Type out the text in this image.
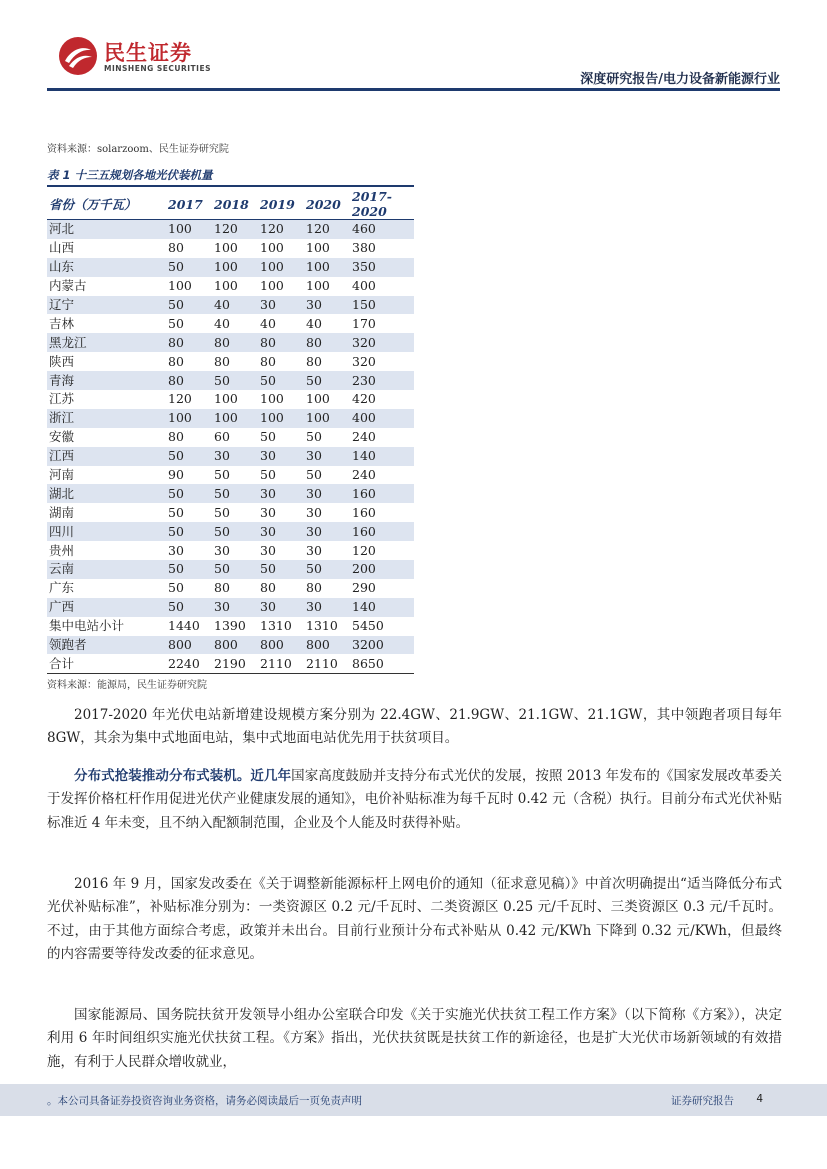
民生证券
MINSHENG SECURITIES
深度研究报告/电力设备新能源行业
资料来源：solarzoom、民生证券研究院
表 1 十三五规划各地光伏装机量
省份（万千瓦）	2017	2018	2019	2020	2017-2020
河北	100	120	120	120	460
山西	80	100	100	100	380
山东	50	100	100	100	350
内蒙古	100	100	100	100	400
辽宁	50	40	30	30	150
吉林	50	40	40	40	170
黑龙江	80	80	80	80	320
陕西	80	80	80	80	320
青海	80	50	50	50	230
江苏	120	100	100	100	420
浙江	100	100	100	100	400
安徽	80	60	50	50	240
江西	50	30	30	30	140
河南	90	50	50	50	240
湖北	50	50	30	30	160
湖南	50	50	30	30	160
四川	50	50	30	30	160
贵州	30	30	30	30	120
云南	50	50	50	50	200
广东	50	80	80	80	290
广西	50	30	30	30	140
集中电站小计	1440	1390	1310	1310	5450
领跑者	800	800	800	800	3200
合计	2240	2190	2110	2110	8650
资料来源：能源局，民生证券研究院

2017-2020 年光伏电站新增建设规模方案分别为 22.4GW、21.9GW、21.1GW、21.1GW，其中领跑者项目每年 8GW，其余为集中式地面电站，集中式地面电站优先用于扶贫项目。

分布式抢装推动分布式装机。近几年国家高度鼓励并支持分布式光伏的发展，按照 2013 年发布的《国家发展改革委关于发挥价格杠杆作用促进光伏产业健康发展的通知》，电价补贴标准为每千瓦时 0.42 元（含税）执行。目前分布式光伏补贴标准近 4 年未变，且不纳入配额制范围，企业及个人能及时获得补贴。

2016 年 9 月，国家发改委在《关于调整新能源标杆上网电价的通知（征求意见稿）》中首次明确提出“适当降低分布式光伏补贴标准”，补贴标准分别为：一类资源区 0.2 元/千瓦时、二类资源区 0.25 元/千瓦时、三类资源区 0.3 元/千瓦时。不过，由于其他方面综合考虑，政策并未出台。目前行业预计分布式补贴从 0.42 元/KWh 下降到 0.32 元/KWh，但最终的内容需要等待发改委的征求意见。

国家能源局、国务院扶贫开发领导小组办公室联合印发《关于实施光伏扶贫工程工作方案》（以下简称《方案》），决定利用 6 年时间组织实施光伏扶贫工程。《方案》指出，光伏扶贫既是扶贫工作的新途径，也是扩大光伏市场新领域的有效措施，有利于人民群众增收就业，

。本公司具备证券投资咨询业务资格，请务必阅读最后一页免责声明	证券研究报告 4
